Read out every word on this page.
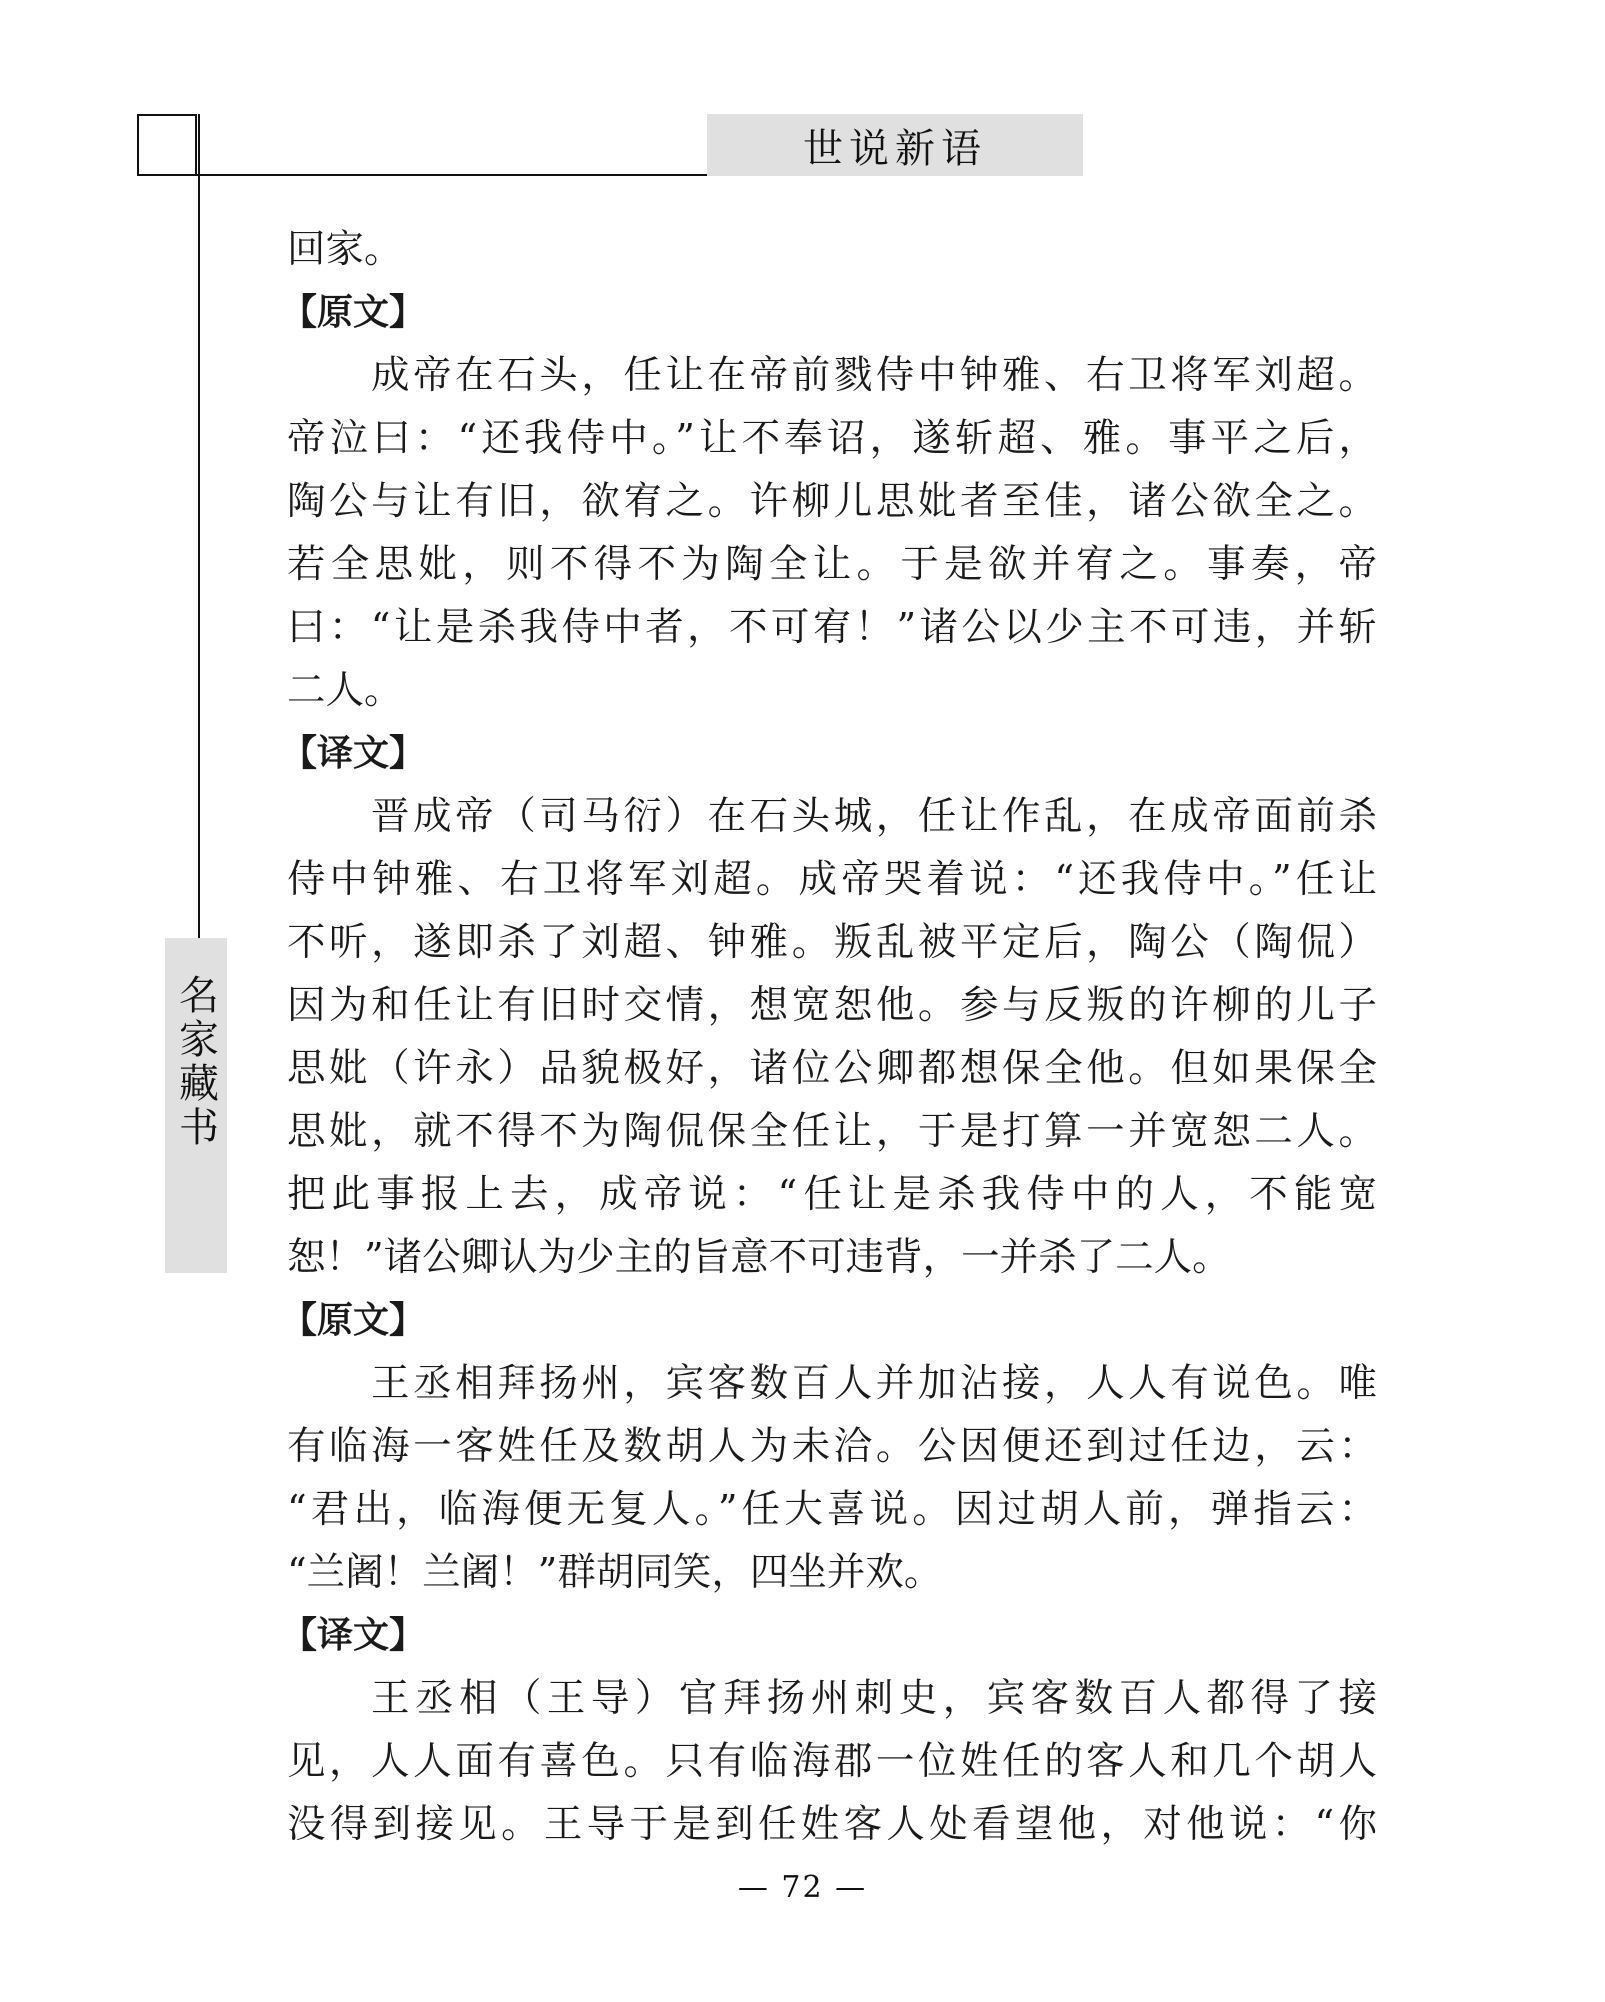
世说新语
名家藏书

回家。

【原文】

成帝在石头，任让在帝前戮侍中钟雅、右卫将军刘超。

帝泣曰：“还我侍中。”让不奉诏，遂斩超、雅。事平之后，

陶公与让有旧，欲宥之。许柳儿思妣者至佳，诸公欲全之。

若全思妣，则不得不为陶全让。于是欲并宥之。事奏，帝

曰：“让是杀我侍中者，不可宥！”诸公以少主不可违，并斩

二人。

【译文】

晋成帝（司马衍）在石头城，任让作乱，在成帝面前杀

侍中钟雅、右卫将军刘超。成帝哭着说：“还我侍中。”任让

不听，遂即杀了刘超、钟雅。叛乱被平定后，陶公（陶侃）

因为和任让有旧时交情，想宽恕他。参与反叛的许柳的儿子

思妣（许永）品貌极好，诸位公卿都想保全他。但如果保全

思妣，就不得不为陶侃保全任让，于是打算一并宽恕二人。

把此事报上去，成帝说：“任让是杀我侍中的人，不能宽

恕！”诸公卿认为少主的旨意不可违背，一并杀了二人。

【原文】

王丞相拜扬州，宾客数百人并加沾接，人人有说色。唯

有临海一客姓任及数胡人为未洽。公因便还到过任边，云：

“君出，临海便无复人。”任大喜说。因过胡人前，弹指云：

“兰阇！兰阇！”群胡同笑，四坐并欢。

【译文】

王丞相（王导）官拜扬州刺史，宾客数百人都得了接

见，人人面有喜色。只有临海郡一位姓任的客人和几个胡人

没得到接见。王导于是到任姓客人处看望他，对他说：“你

— 72 —
